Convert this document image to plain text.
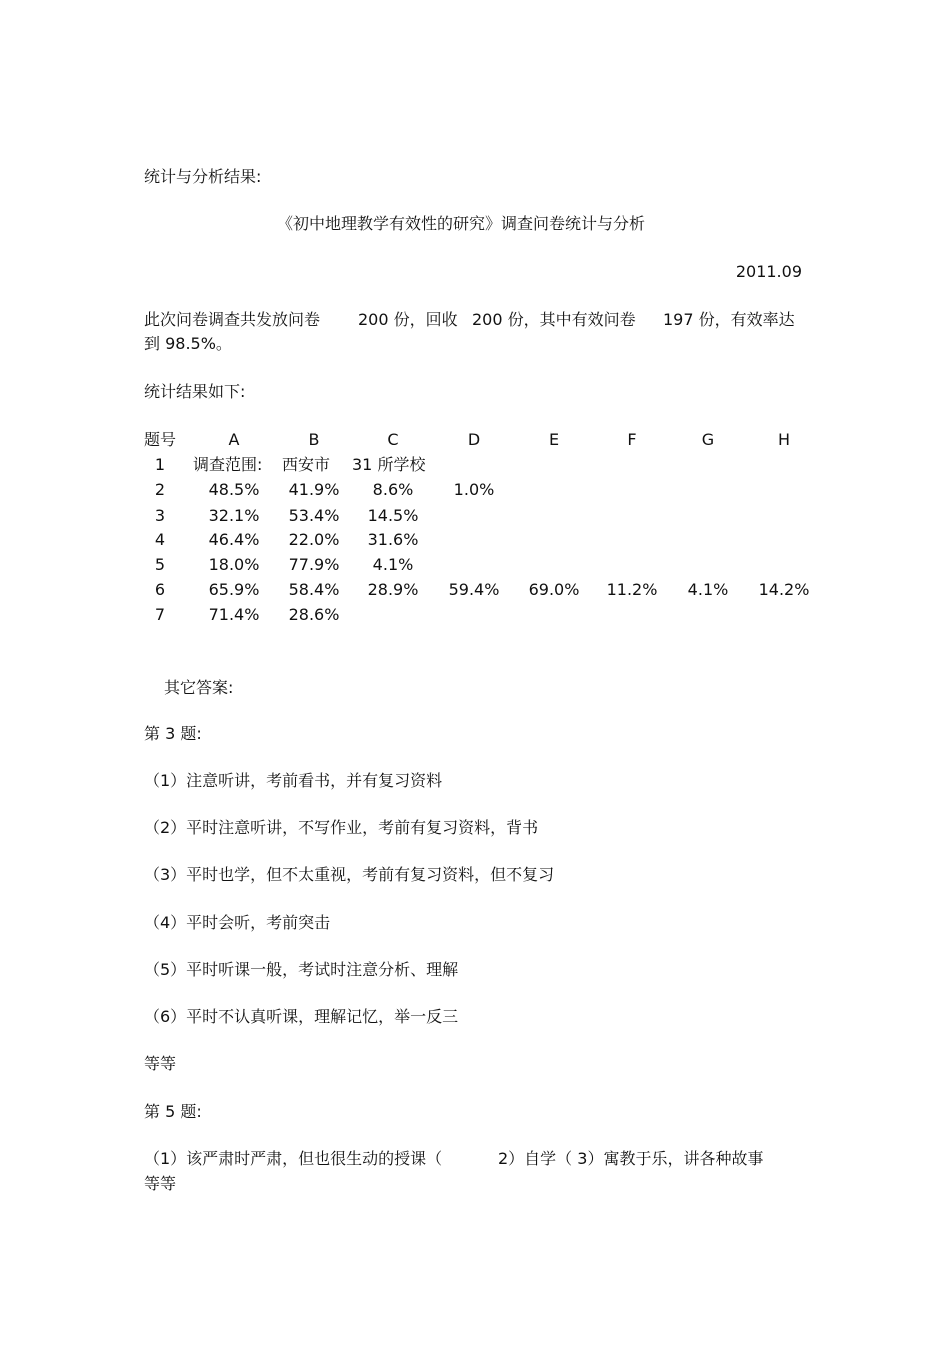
统计与分析结果:
《初中地理教学有效性的研究》调查问卷统计与分析
2011.09
此次问卷调查共发放问卷 200 份，回收 200 份，其中有效问卷 197 份，有效率达
到 98.5%。
统计结果如下:
题号	A	B	C	D	E	F	G	H
1 调查范围: 西安市 31 所学校
2	48.5% 41.9% 8.6%	1.0%
3	32.1% 53.4% 14.5%
4	46.4% 22.0% 31.6%
5	18.0% 77.9% 4.1%
6	65.9% 58.4% 28.9% 59.4% 69.0% 11.2% 4.1% 14.2%
7	71.4% 28.6%
其它答案:
第 3 题:
（1）注意听讲，考前看书，并有复习资料
（2）平时注意听讲，不写作业，考前有复习资料，背书
（3）平时也学，但不太重视，考前有复习资料，但不复习
（4）平时会听，考前突击
（5）平时听课一般，考试时注意分析、理解
（6）平时不认真听课，理解记忆，举一反三
等等
第 5 题:
（1）该严肃时严肃，但也很生动的授课（	2）自学（ 3）寓教于乐，讲各种故事
等等
